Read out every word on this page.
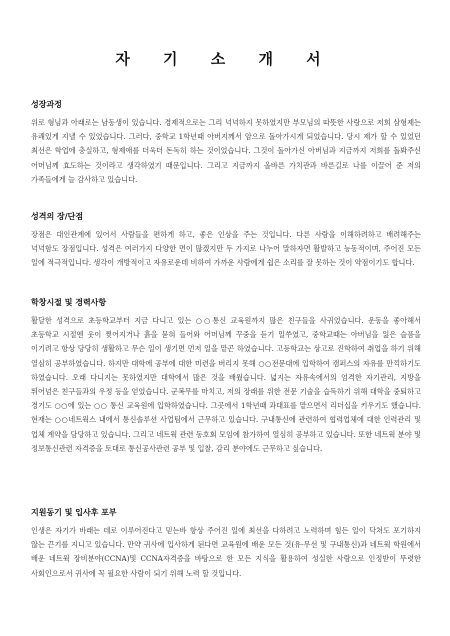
자 기 소 개 서
성장과정

위로 형님과 아래로는 남동생이 있습니다. 경제적으로는 그리 넉넉하지 못하였지만 부모님의 따뜻한 사랑으로 저희 삼형제는 유쾌있게 지낼 수 있었습니다. 그러다, 중학교 1학년때 아버지께서 암으로 돌아가시게 되었습니다. 당시 제가 할 수 있었던 최선은 학업에 충실하고, 형제애를 더욱더 돈독히 하는 것이었습니다. 그것이 돌아가신 아버님과 지금까지 저희를 돌봐주신 어머님께 효도하는 것이라고 생각하였기 때문입니다. 그리고 지금까지 올바른 가치관과 바른길로 나를 이끌어 준 저의 가족들에게 늘 감사하고 있습니다.

성격의 장/단점

장점은 대인관계에 있어서 사람들을 편하게 하고, 좋은 인상을 주는 것입니다. 다른 사람을 이해하려하고 배려해주는 넉넉함도 장점입니다. 성격은 여러가지 다양한 면이 많겠지만 두 가지로 나누어 말하자면 활발하고 능동적이며, 주어진 모든 일에 적극적입니다. 생각이 개방적이고 자유로운데 비하여 가까운 사람에게 쉽은 소리를 잘 못하는 것이 약점이기도 합니다.

학창시절 및 경력사항

활달한 성격으로 초등학교부터 지금 다니고 있는 ○○통신 교육원까지 많은 친구들을 사귀었습니다. 운동을 좋아해서 초등학교 시절엔 웃이 찢어지거나 흙을 묻혀 들어와 어머님께 꾸중을 듣기 일쑤였고, 중학교때는 아버님을 잃은 슬픔을 이기려고 항상 당당히 생활하고 무슨 일이 생기면 먼저 일을 맡곤 하였습니다. 고등학교는 상고로 진학하여 취업을 하기 위해 열심히 공부하였습니다. 하지만 대학에 공부에 대한 미련을 버리지 못해 ○○전문대에 입학하여 캠퍼스의 자유를 만끽하기도 하였습니다. 오래 다니지는 못하였지만 대학에서 많은 것을 배웠습니다. 넓지는 자유속에서의 엄격한 자기관리, 지방을 뛰어넘은 친구들과의 우정 등을 얻었습니다. 군복무를 마치고, 저의 장래를 위한 전문 기술을 습득하기 위해 대학을 중퇴하고 경기도 ○○에 있는 ○○ 통신 교육원에 입학하였습니다. 그곳에서 1학년때 과대표를 맡으면서 리더십을 키우기도 했습니다. 현재는 ○○네트웍스 내에서 통신솔루션 사업팀에서 근무하고 있습니다. 구내통신에 관련하여 협력업체에 대한 인력관리 및 업체 계약을 담당하고 있습니다. 그리고 네트웍 관련 동호회 모임에 참가하여 열심히 공부하고 있습니다. 또한 네트웍 분야 및 정보통신관련 자격증을 토대로 통신공사관련 공부 및 입찰, 감리 분야에도 근무하고 싶습니다.

지원동기 및 입사후 포부

인생은 자기가 바래는 데로 이루어진다고 믿는바 항상 주어진 일에 최선을 다하려고 노력하며 힘든 일이 닥쳐도 포기하지 않는 끈기를 지니고 있습니다. 만약 귀사에 입사하게 된다면 교육원에 배운 모든 것(유-무선 및 구내통신)과 네트웍 학원에서 배운 네트웍 장비분야(CCNA)및 CCNA자격증을 바탕으로 한 모든 지식을 활용하여 성실한 사람으로 인정받이 뚜렷한 사회인으로서 귀사에 꼭 필요한 사람이 되기 위해 노력 할 것입니다.
